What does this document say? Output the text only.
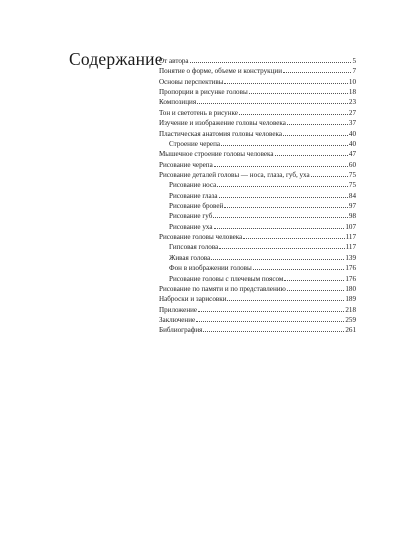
Содержание
От автора	5
Понятие о форме, объеме и конструкции	7
Основы перспективы	10
Пропорции в рисунке головы	18
Композиция	23
Тон и светотень в рисунке	27
Изучение и изображение головы человека	37
Пластическая анатомия головы человека	40
Строение черепа	40
Мышечное строение головы человека	47
Рисование черепа	60
Рисование деталей головы — носа, глаза, губ, уха	75
Рисование носа	75
Рисование глаза	84
Рисование бровей	97
Рисование губ	98
Рисование уха	107
Рисование головы человека	117
Гипсовая голова	117
Живая голова	139
Фон в изображении головы	176
Рисование головы с плечевым поясом	176
Рисование по памяти и по представлению	180
Наброски и зарисовки	189
Приложение	218
Заключение	259
Библиография	261
